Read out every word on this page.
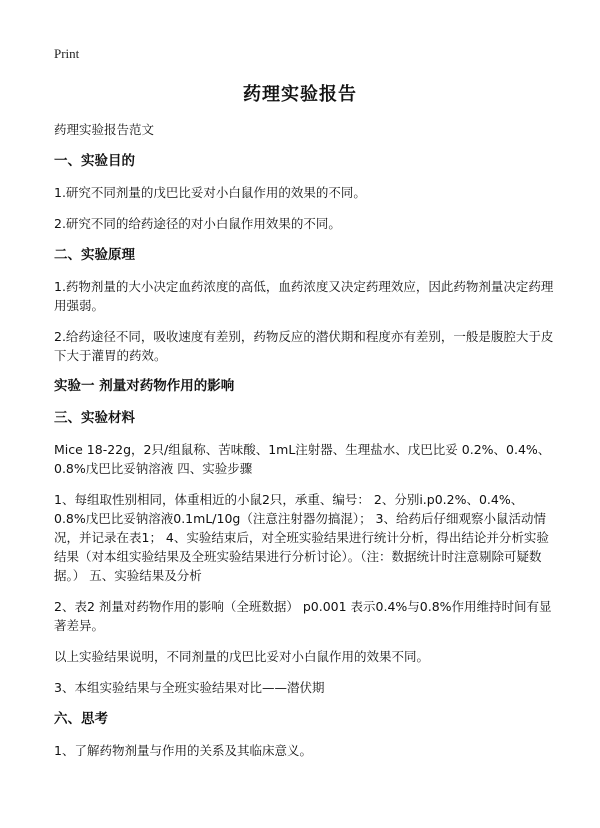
Print
药理实验报告

药理实验报告范文

一、实验目的

1.研究不同剂量的戊巴比妥对小白鼠作用的效果的不同。

2.研究不同的给药途径的对小白鼠作用效果的不同。

二、实验原理

1.药物剂量的大小决定血药浓度的高低，血药浓度又决定药理效应，因此药物剂量决定药理用强弱。

2.给药途径不同，吸收速度有差别，药物反应的潜伏期和程度亦有差别，一般是腹腔大于皮下大于灌胃的药效。

实验一 剂量对药物作用的影响

三、实验材料

Mice 18-22g，2只/组鼠称、苦味酸、1mL注射器、生理盐水、戊巴比妥 0.2%、0.4%、0.8%戊巴比妥钠溶液 四、实验步骤

1、每组取性别相同，体重相近的小鼠2只，承重、编号： 2、分别i.p0.2%、0.4%、0.8%戊巴比妥钠溶液0.1mL/10g（注意注射器勿搞混）； 3、给药后仔细观察小鼠活动情况，并记录在表1； 4、实验结束后，对全班实验结果进行统计分析，得出结论并分析实验结果（对本组实验结果及全班实验结果进行分析讨论）。（注：数据统计时注意剔除可疑数据。） 五、实验结果及分析

2、表2 剂量对药物作用的影响（全班数据） p0.001 表示0.4%与0.8%作用维持时间有显著差异。

以上实验结果说明，不同剂量的戊巴比妥对小白鼠作用的效果不同。

3、本组实验结果与全班实验结果对比——潜伏期

六、思考

1、了解药物剂量与作用的关系及其临床意义。
